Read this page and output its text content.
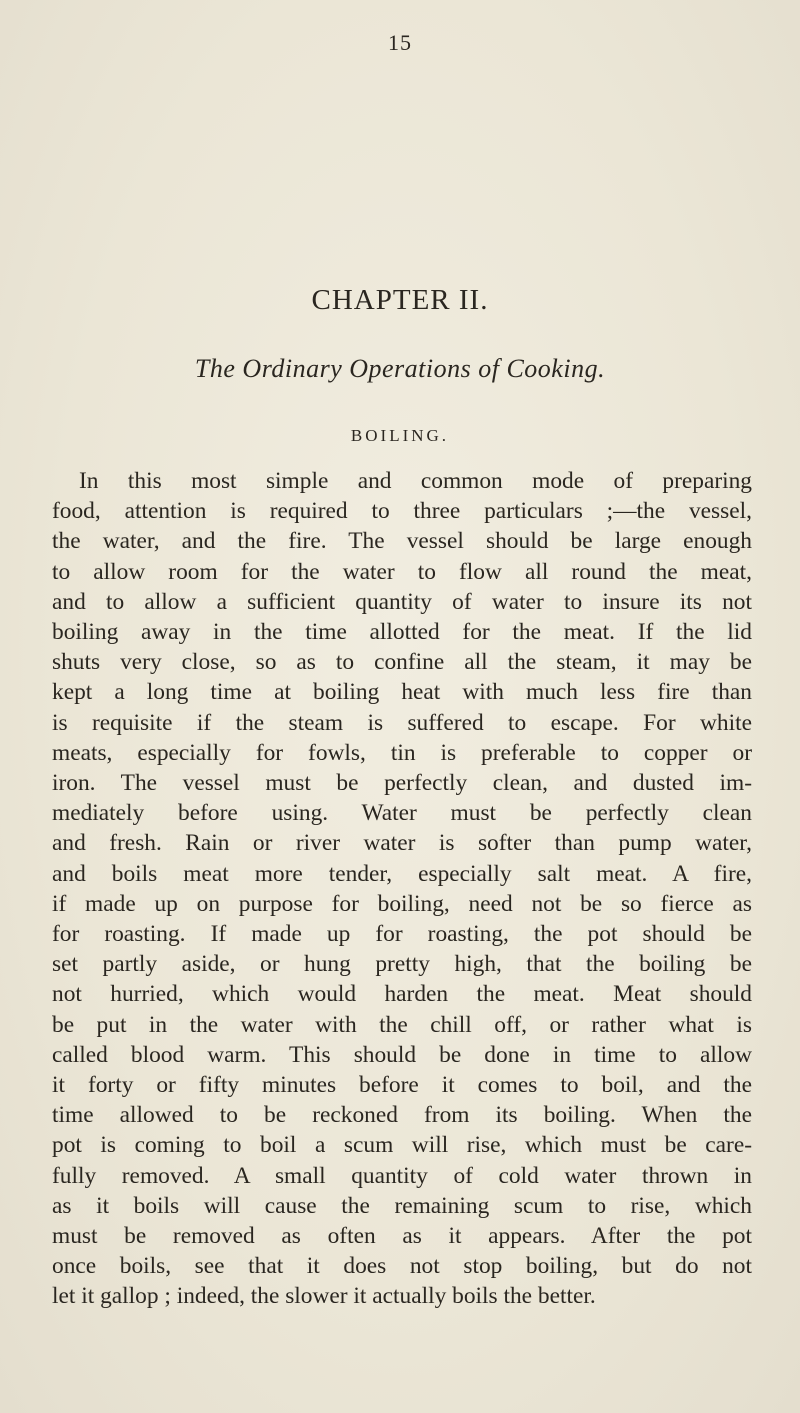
15
CHAPTER II.
The Ordinary Operations of Cooking.
BOILING.
In this most simple and common mode of preparing
food, attention is required to three particulars ;—the vessel,
the water, and the fire. The vessel should be large enough
to allow room for the water to flow all round the meat,
and to allow a sufficient quantity of water to insure its not
boiling away in the time allotted for the meat. If the lid
shuts very close, so as to confine all the steam, it may be
kept a long time at boiling heat with much less fire than
is requisite if the steam is suffered to escape. For white
meats, especially for fowls, tin is preferable to copper or
iron. The vessel must be perfectly clean, and dusted im-
mediately before using. Water must be perfectly clean
and fresh. Rain or river water is softer than pump water,
and boils meat more tender, especially salt meat. A fire,
if made up on purpose for boiling, need not be so fierce as
for roasting. If made up for roasting, the pot should be
set partly aside, or hung pretty high, that the boiling be
not hurried, which would harden the meat. Meat should
be put in the water with the chill off, or rather what is
called blood warm. This should be done in time to allow
it forty or fifty minutes before it comes to boil, and the
time allowed to be reckoned from its boiling. When the
pot is coming to boil a scum will rise, which must be care-
fully removed. A small quantity of cold water thrown in
as it boils will cause the remaining scum to rise, which
must be removed as often as it appears. After the pot
once boils, see that it does not stop boiling, but do not
let it gallop ; indeed, the slower it actually boils the better.
